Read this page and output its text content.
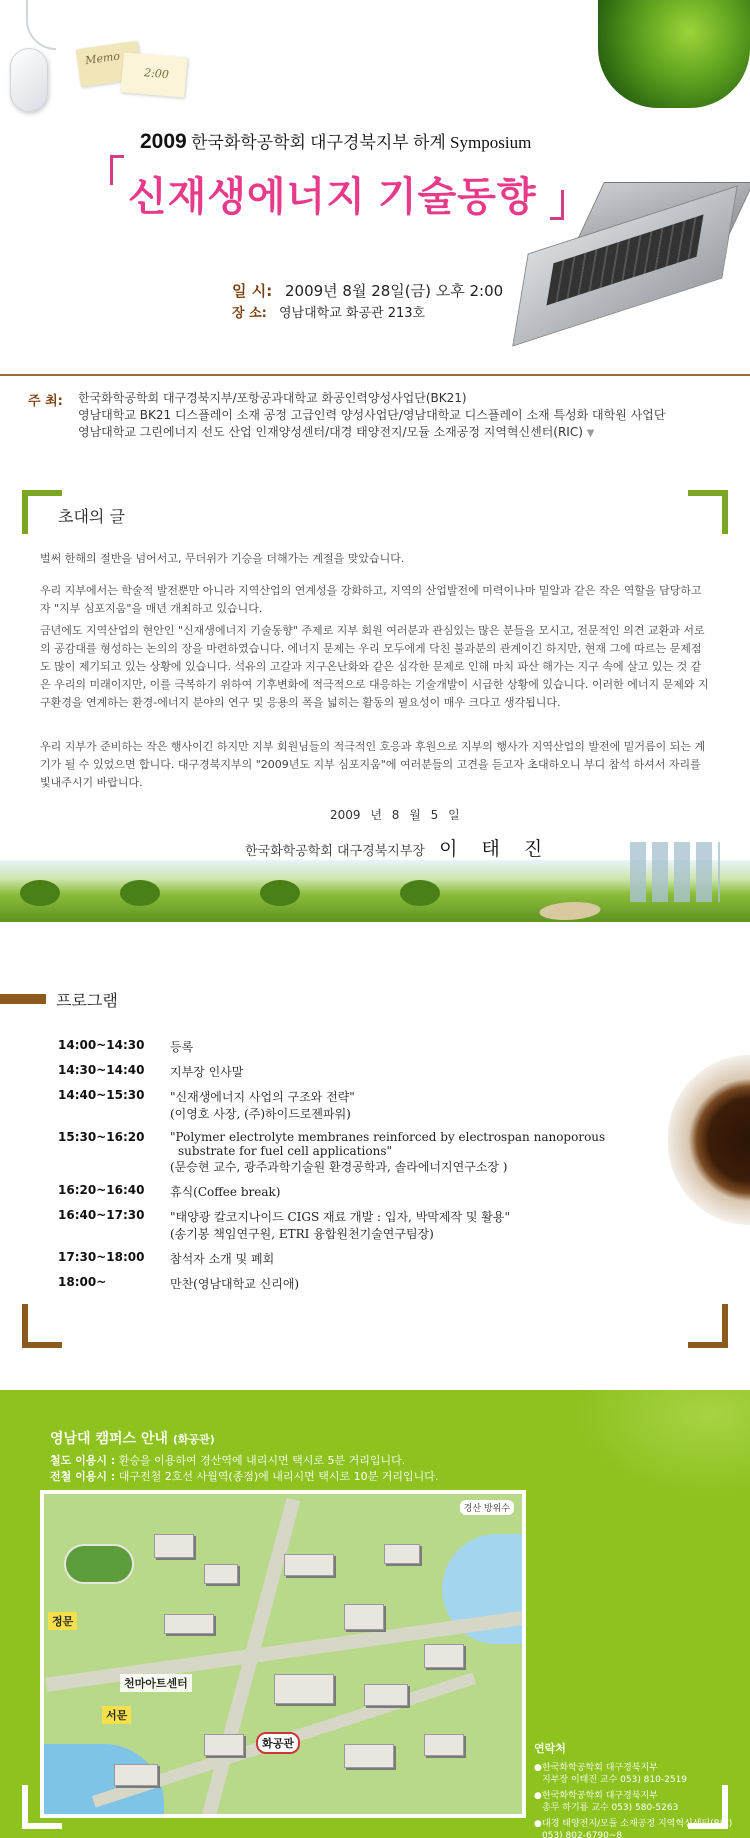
Memo
2:00
2009 한국화학공학회 대구경북지부 하계 Symposium
신재생에너지 기술동향
일 시: 2009년 8월 28일(금) 오후 2:00
장 소: 영남대학교 화공관 213호
주 최: 한국화학공학회 대구경북지부/포항공과대학교 화공인력양성사업단(BK21)
영남대학교 BK21 디스플레이 소재 공정 고급인력 양성사업단/영남대학교 디스플레이 소재 특성화 대학원 사업단
영남대학교 그린에너지 선도 산업 인재양성센터/대경 태양전지/모듈 소재공정 지역혁신센터(RIC) ▼
초대의 글
벌써 한해의 절반을 넘어서고, 무더위가 기승을 더해가는 계절을 맞았습니다.
우리 지부에서는 학술적 발전뿐만 아니라 지역산업의 연계성을 강화하고, 지역의 산업발전에 미력이나마 밑알과 같은 작은 역할을 담당하고자 "지부 심포지움"을 매년 개최하고 있습니다.
금년에도 지역산업의 현안인 "신재생에너지 기술동향" 주제로 지부 회원 여러분과 관심있는 많은 분들을 모시고, 전문적인 의견 교환과 서로의 공감대를 형성하는 논의의 장을 마련하였습니다. 에너지 문제는 우리 모두에게 닥친 불과분의 관계이긴 하지만, 현재 그에 따르는 문제점도 많이 제기되고 있는 상황에 있습니다. 석유의 고갈과 지구온난화와 같은 심각한 문제로 인해 마치 파산 해가는 지구 속에 살고 있는 것 같은 우리의 미래이지만, 이를 극복하기 위하여 기후변화에 적극적으로 대응하는 기술개발이 시급한 상황에 있습니다. 이러한 에너지 문제와 지구환경을 연계하는 환경-에너지 분야의 연구 및 응용의 폭을 넓히는 활동의 필요성이 매우 크다고 생각됩니다.
우리 지부가 준비하는 작은 행사이긴 하지만 지부 회원님들의 적극적인 호응과 후원으로 지부의 행사가 지역산업의 발전에 밑거름이 되는 계기가 될 수 있었으면 합니다. 대구경북지부의 "2009년도 지부 심포지움"에 여러분들의 고견을 듣고자 초대하오니 부디 참석 하셔서 자리를 빛내주시기 바랍니다.
2009 년 8 월 5 일
한국화학공학회 대구경북지부장 이 태 진
프로그램
14:00~14:30	등록
14:30~14:40	지부장 인사말
14:40~15:30	"신재생에너지 사업의 구조와 전략"
(이영호 사장, (주)하이드로젠파워)
15:30~16:20	"Polymer electrolyte membranes reinforced by electrospan nanoporous
substrate for fuel cell applications"
(문승현 교수, 광주과학기술원 환경공학과, 솔라에너지연구소장 )
16:20~16:40	휴식(Coffee break)
16:40~17:30	"태양광 칼코지나이드 CIGS 재료 개발 : 입자, 박막제작 및 활용"
(송기봉 책임연구원, ETRI 융합원천기술연구팀장)
17:30~18:00	참석자 소개 및 폐회
18:00~	만찬(영남대학교 신리애)
영남대 캠퍼스 안내 (화공관)
철도 이용시 : 환승을 이용하여 경산역에 내리시면 택시로 5분 거리입니다.
전철 이용시 : 대구전철 2호선 사월역(종점)에 내리시면 택시로 10분 거리입니다.
경산 방위수
정문
천마아트센터
서문
화공관	연락처
● 한국화학공학회 대구경북지부
지부장 이태진 교수 053) 810-2519
● 한국화학공학회 대구경북지부
총무 하기룡 교수 053) 580-5263
● 대경 태양전지/모듈 소재공정 지역혁신센터(RIC)
053) 802-6790~8
